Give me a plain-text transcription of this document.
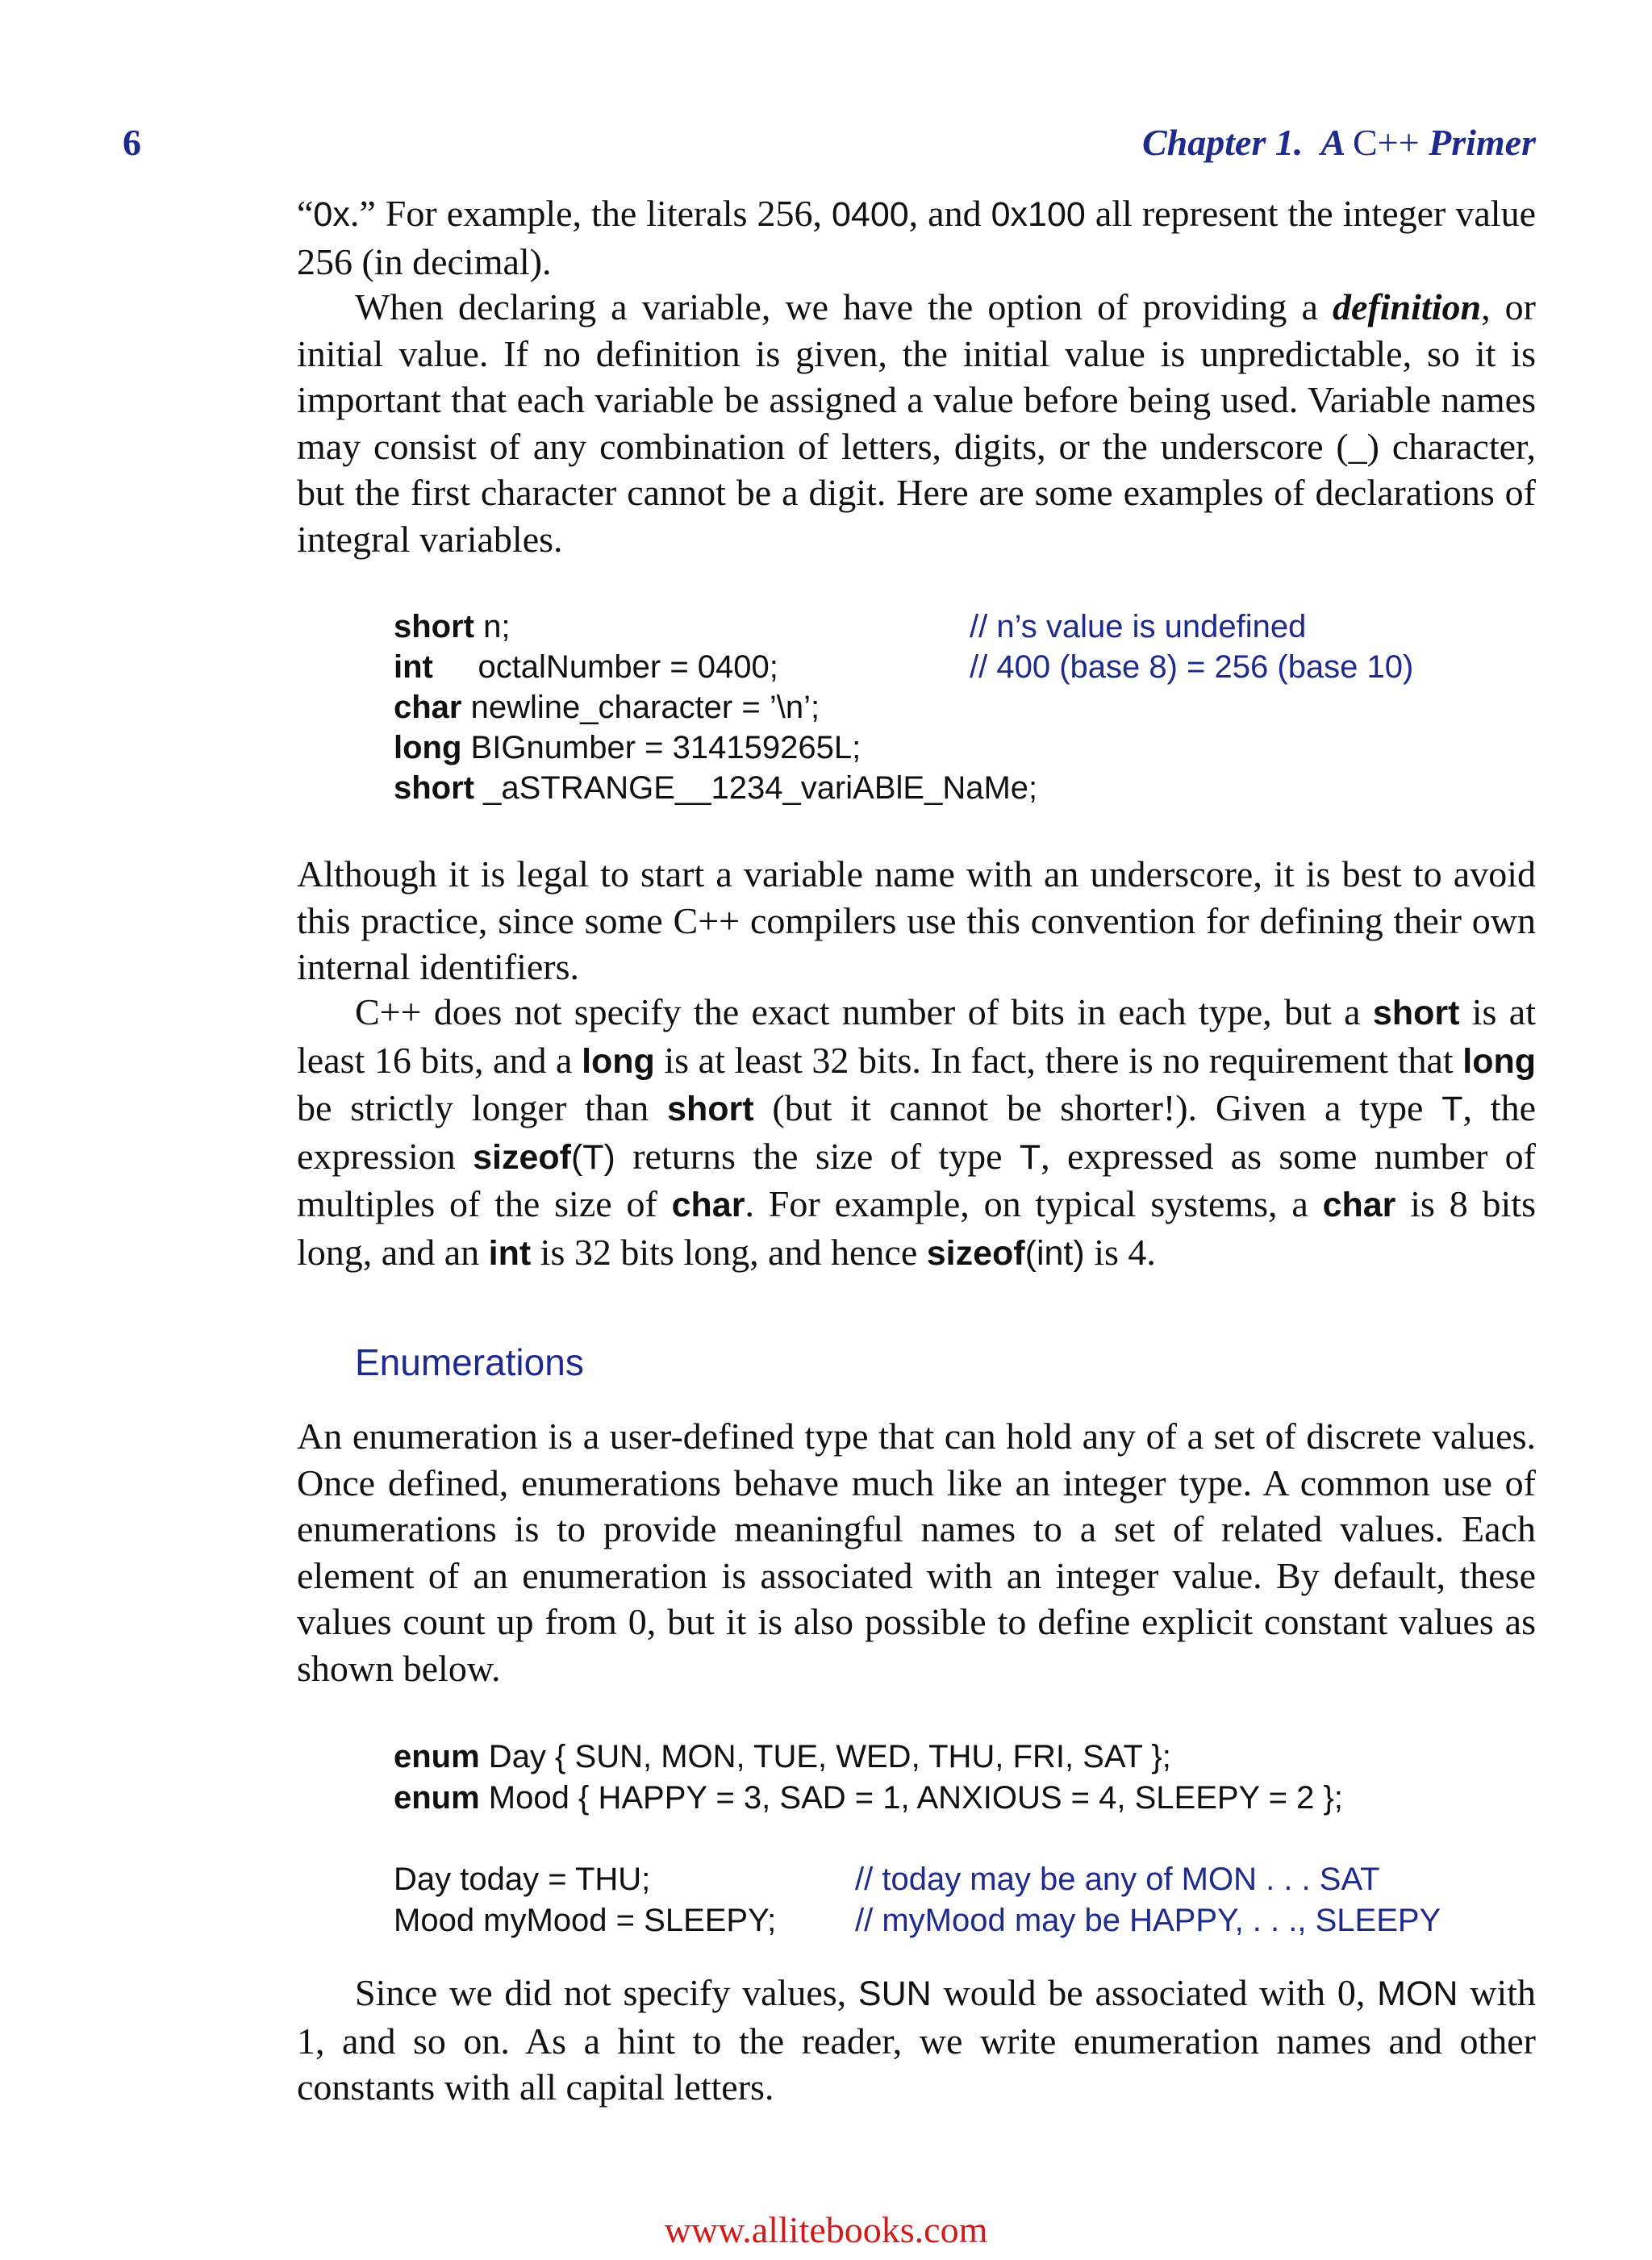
6	Chapter 1. A C++ Primer

“0x.” For example, the literals 256, 0400, and 0x100 all represent the integer value 256 (in decimal).

When declaring a variable, we have the option of providing a definition, or initial value. If no definition is given, the initial value is unpredictable, so it is important that each variable be assigned a value before being used. Variable names may consist of any combination of letters, digits, or the underscore (_) character, but the first character cannot be a digit. Here are some examples of declarations of integral variables.

short n;	// n’s value is undefined
int     octalNumber = 0400;	// 400 (base 8) = 256 (base 10)
char newline_character = ’\n’;
long BIGnumber = 314159265L;
short _aSTRANGE__1234_variABlE_NaMe;

Although it is legal to start a variable name with an underscore, it is best to avoid this practice, since some C++ compilers use this convention for defining their own internal identifiers.

C++ does not specify the exact number of bits in each type, but a short is at least 16 bits, and a long is at least 32 bits. In fact, there is no requirement that long be strictly longer than short (but it cannot be shorter!). Given a type T, the expression sizeof(T) returns the size of type T, expressed as some number of multiples of the size of char. For example, on typical systems, a char is 8 bits long, and an int is 32 bits long, and hence sizeof(int) is 4.

Enumerations

An enumeration is a user-defined type that can hold any of a set of discrete values. Once defined, enumerations behave much like an integer type. A common use of enumerations is to provide meaningful names to a set of related values. Each element of an enumeration is associated with an integer value. By default, these values count up from 0, but it is also possible to define explicit constant values as shown below.

enum Day { SUN, MON, TUE, WED, THU, FRI, SAT };
enum Mood { HAPPY = 3, SAD = 1, ANXIOUS = 4, SLEEPY = 2 };
Day today = THU;	// today may be any of MON . . . SAT
Mood myMood = SLEEPY; // myMood may be HAPPY, . . ., SLEEPY

Since we did not specify values, SUN would be associated with 0, MON with 1, and so on. As a hint to the reader, we write enumeration names and other constants with all capital letters.

www.allitebooks.com
